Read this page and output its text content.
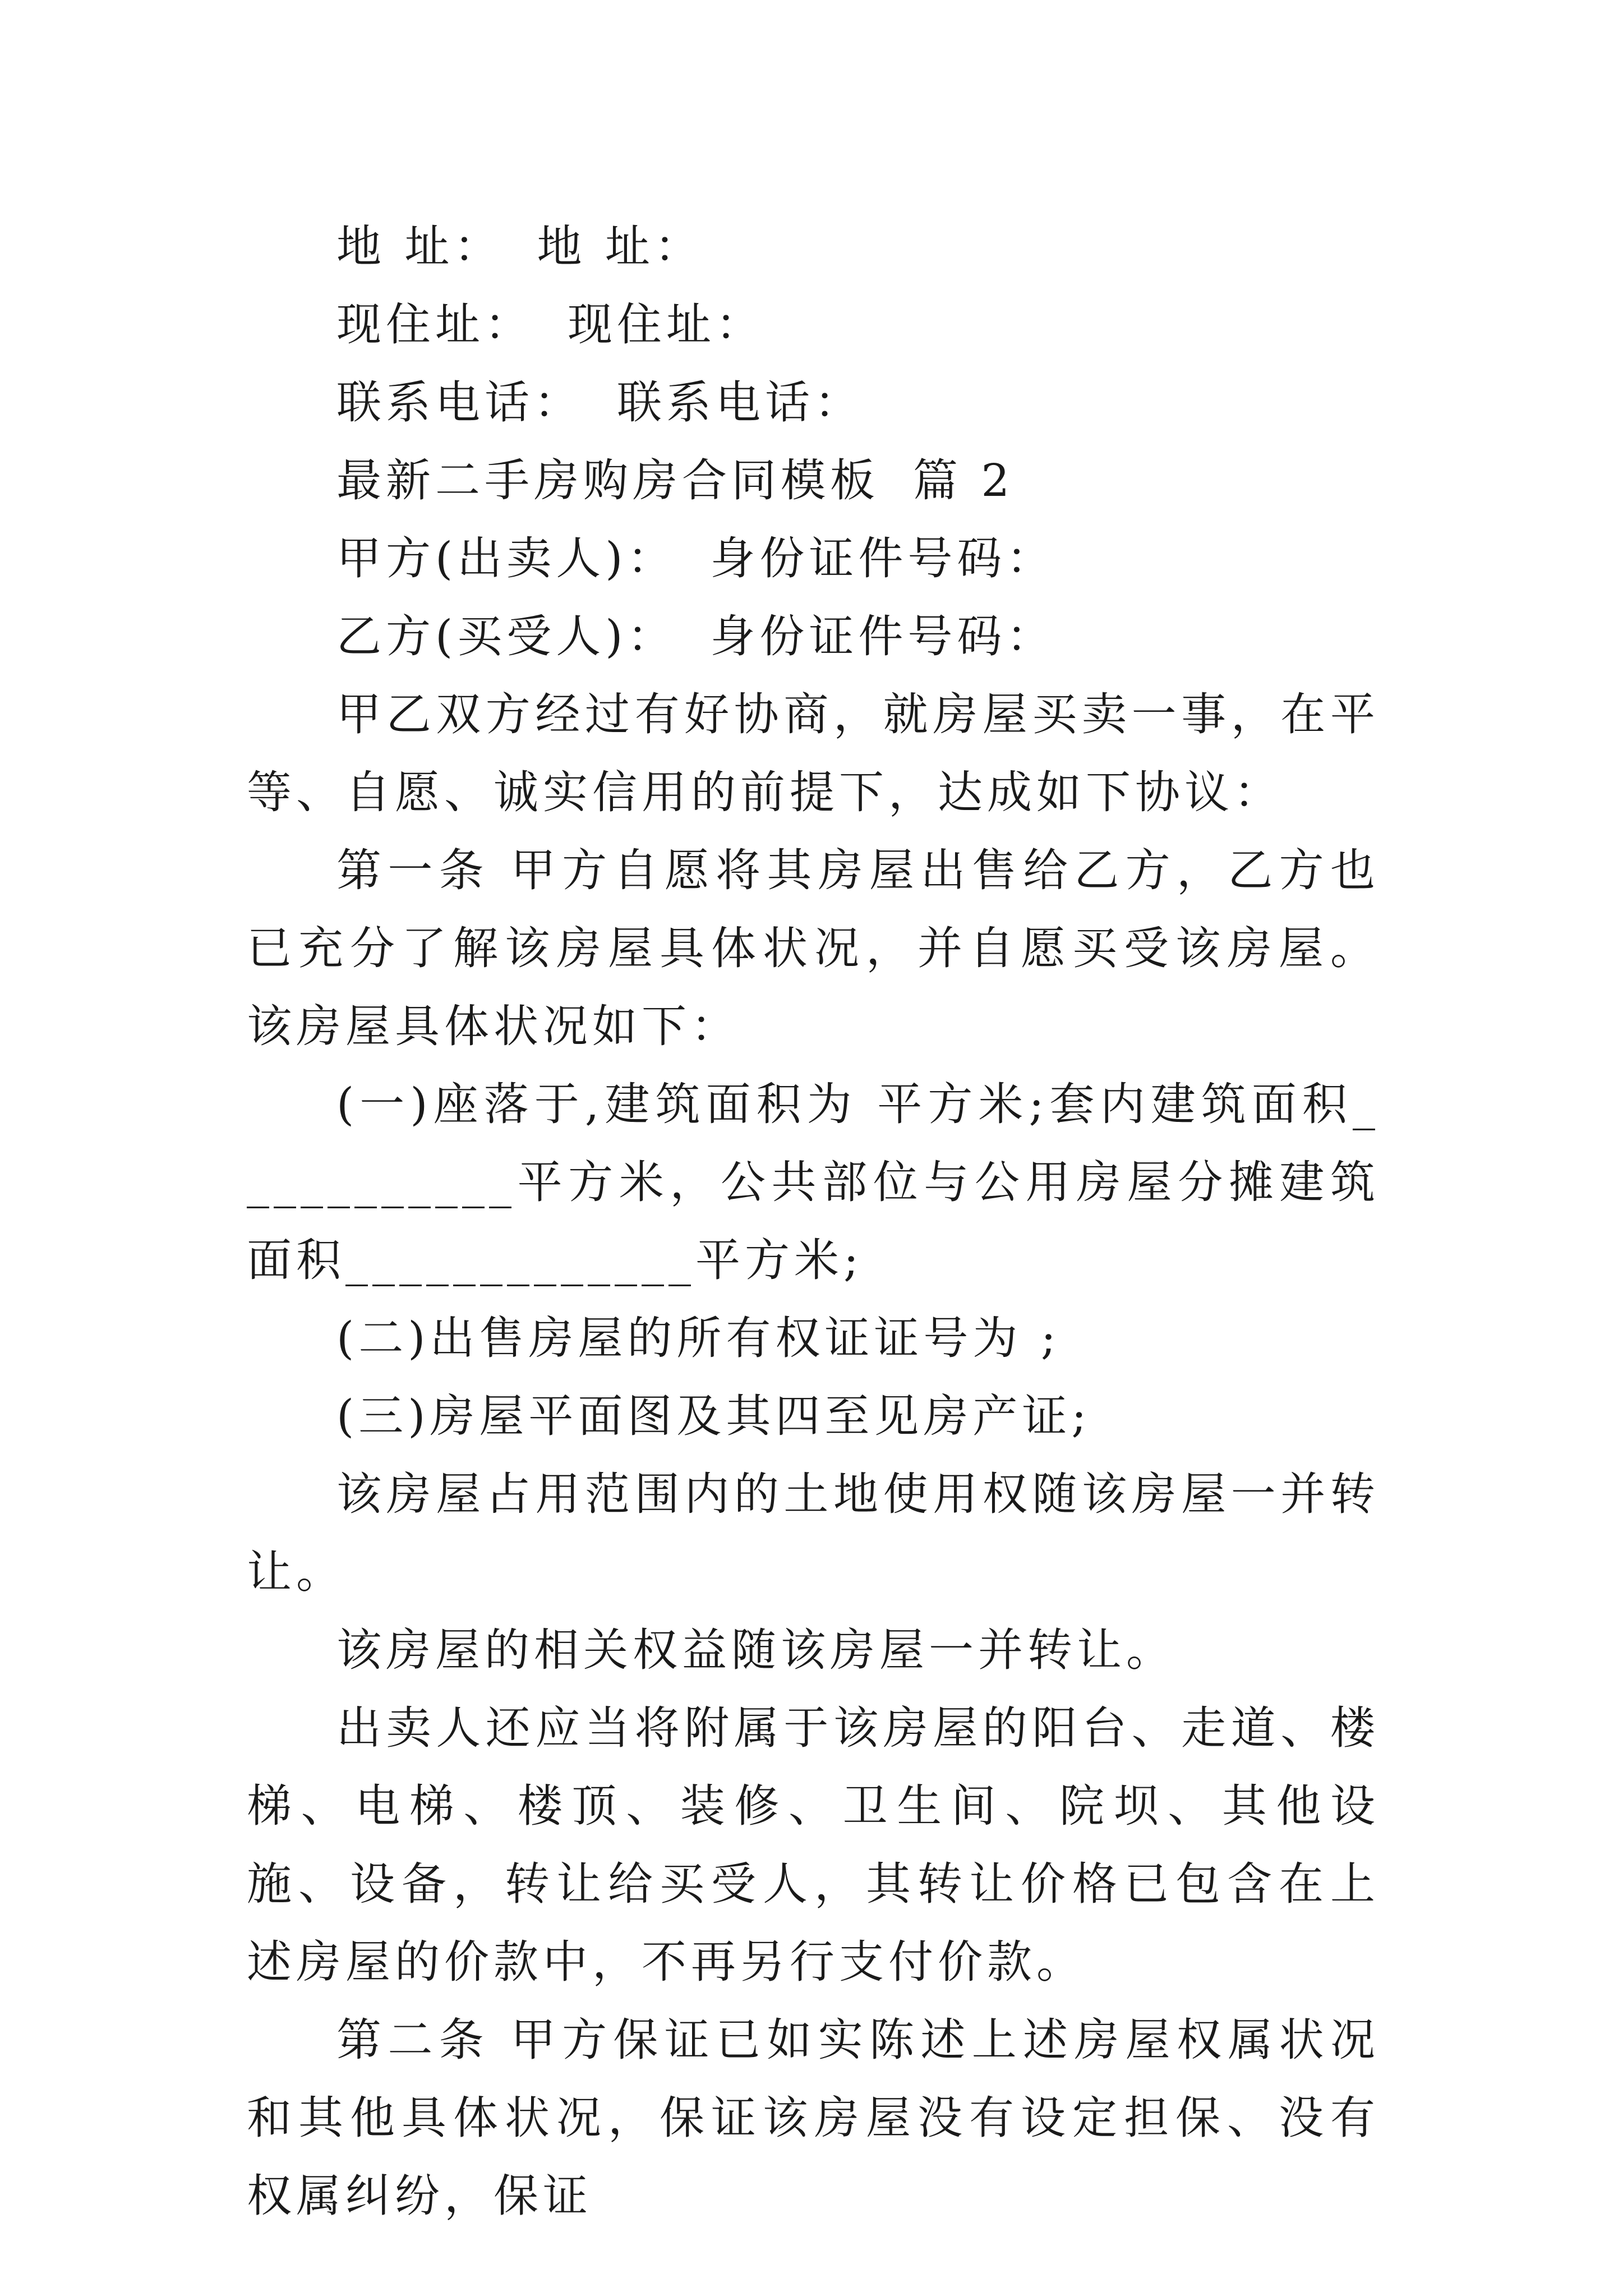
地 址： 地 址：
现住址： 现住址：
联系电话： 联系电话：
最新二手房购房合同模板 篇 2
甲方(出卖人)： 身份证件号码：
乙方(买受人)： 身份证件号码：
甲乙双方经过有好协商，就房屋买卖一事，在平等、自愿、诚实信用的前提下，达成如下协议：
第一条 甲方自愿将其房屋出售给乙方，乙方也已充分了解该房屋具体状况，并自愿买受该房屋。该房屋具体状况如下：
(一)座落于,建筑面积为 平方米;套内建筑面积___________平方米，公共部位与公用房屋分摊建筑面积_____________平方米;
(二)出售房屋的所有权证证号为 ;
(三)房屋平面图及其四至见房产证;
该房屋占用范围内的土地使用权随该房屋一并转让。
该房屋的相关权益随该房屋一并转让。
出卖人还应当将附属于该房屋的阳台、走道、楼梯、电梯、楼顶、装修、卫生间、院坝、其他设施、设备，转让给买受人，其转让价格已包含在上述房屋的价款中，不再另行支付价款。
第二条 甲方保证已如实陈述上述房屋权属状况和其他具体状况，保证该房屋没有设定担保、没有权属纠纷，保证
